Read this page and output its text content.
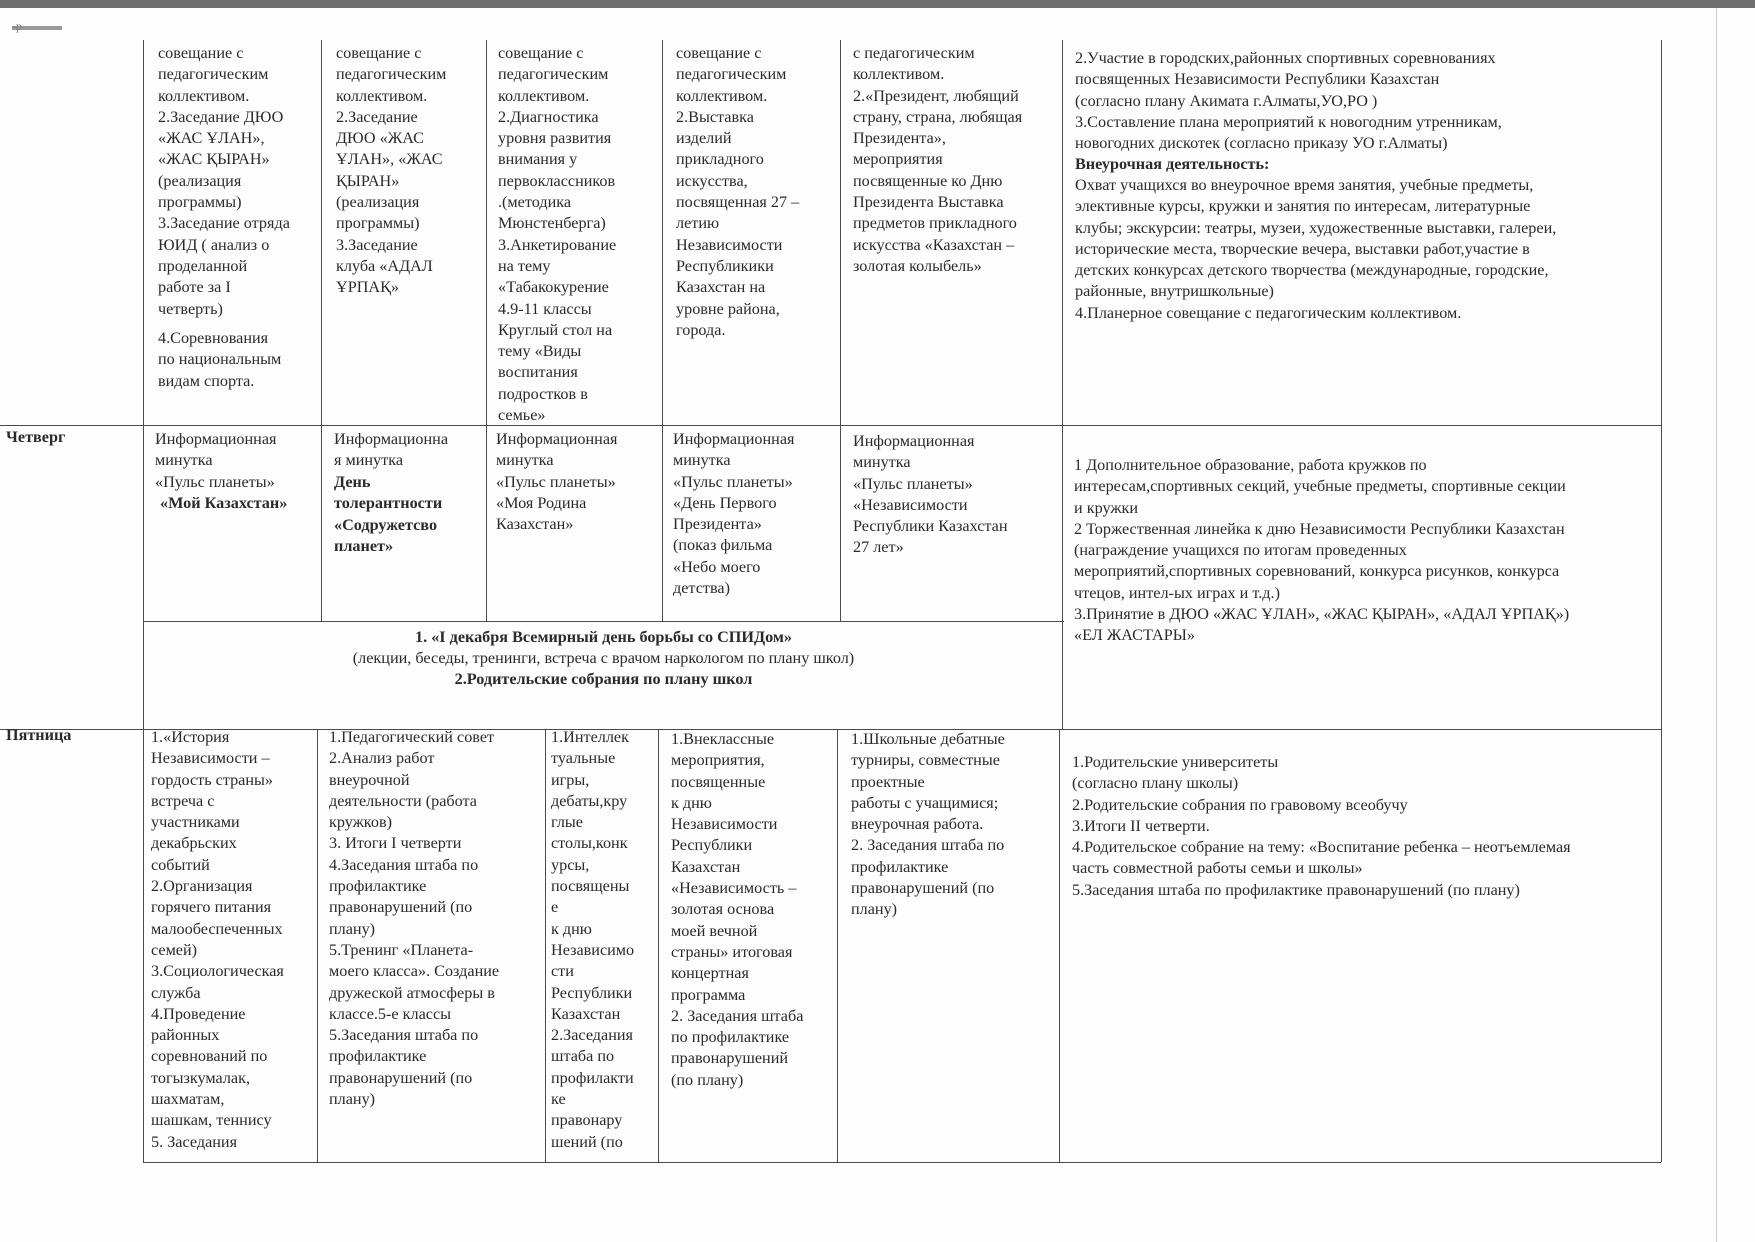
-р
совещание с
педагогическим
коллективом.
2.Заседание ДЮО
«ЖАС ҰЛАН»,
«ЖАС ҚЫРАН»
(реализация
программы)
3.Заседание отряда
ЮИД ( анализ о
проделанной
работе за I
четверть)
4.Соревнования
по национальным
видам спорта.
совещание с
педагогическим
коллективом.
2.Заседание
ДЮО «ЖАС
ҰЛАН», «ЖАС
ҚЫРАН»
(реализация
программы)
3.Заседание
клуба «АДАЛ
ҰРПАҚ»
совещание с
педагогическим
коллективом.
2.Диагностика
уровня развития
внимания у
первоклассников
.(методика
Мюнстенберга)
3.Анкетирование
на тему
«Табакокурение
4.9-11 классы
Круглый стол на
тему «Виды
воспитания
подростков в
семье»
совещание с
педагогическим
коллективом.
2.Выставка
изделий
прикладного
искусства,
посвященная 27 –
летию
Независимости
Республикики
Казахстан на
уровне района,
города.
с педагогическим
коллективом.
2.«Президент, любящий
страну, страна, любящая
Президента»,
мероприятия
посвященные ко Дню
Президента Выставка
предметов прикладного
искусства «Казахстан –
золотая колыбель»
2.Участие в городских,районных спортивных соревнованиях
посвященных Независимости Республики Казахстан
(согласно плану Акимата г.Алматы,УО,РО )
3.Составление плана мероприятий к новогодним утренникам,
новогодних дискотек (согласно приказу УО г.Алматы)
Внеурочная деятельность:
Охват учащихся во внеурочное время занятия, учебные предметы,
элективные курсы, кружки и занятия по интересам, литературные
клубы; экскурсии: театры, музеи, художественные выставки, галереи,
исторические места, творческие вечера, выставки работ,участие в
детских конкурсах детского творчества (международные, городские,
районные, внутришкольные)
4.Планерное совещание с педагогическим коллективом.
Четверг	Информационная
минутка
«Пульс планеты»
«Мой Казахстан»
Информационна
я минутка
День
толерантности
«Содружетсво
планет»
Информационная
минутка
«Пульс планеты»
«Моя Родина
Казахстан»
Информационная
минутка
«Пульс планеты»
«День Первого
Президента»
(показ фильма
«Небо моего
детства)
Информационная
минутка
«Пульс планеты»
«Независимости
Республики Казахстан
27 лет»
1 Дополнительное образование, работа кружков по
интересам,спортивных секций, учебные предметы, спортивные секции
и кружки
2 Торжественная линейка к дню Независимости Республики Казахстан
(награждение учащихся по итогам проведенных
мероприятий,спортивных соревнований, конкурса рисунков, конкурса
чтецов, интел-ых играх и т.д.)
3.Принятие в ДЮО «ЖАС ҰЛАН», «ЖАС ҚЫРАН», «АДАЛ ҰРПАҚ»)
«ЕЛ ЖАСТАРЫ»
1. «I декабря Всемирный день борьбы со СПИДом»
(лекции, беседы, тренинги, встреча с врачом наркологом по плану школ)
2.Родительские собрания по плану школ
Пятница	1.«История
Независимости –
гордость страны»
встреча с
участниками
декабрьских
событий
2.Организация
горячего питания
малообеспеченных
семей)
3.Социологическая
служба
4.Проведение
районных
соревнований по
тогызкумалак,
шахматам,
шашкам, теннису
5. Заседания
1.Педагогический совет
2.Анализ работ
внеурочной
деятельности (работа
кружков)
3. Итоги I четверти
4.Заседания штаба по
профилактике
правонарушений (по
плану)
5.Тренинг «Планета-
моего класса». Создание
дружеской атмосферы в
классе.5-е классы
5.Заседания штаба по
профилактике
правонарушений (по
плану)
1.Интеллек
туальные
игры,
дебаты,кру
глые
столы,конк
урсы,
посвящены
е
к дню
Независимо
сти
Республики
Казахстан
2.Заседания
штаба по
профилакти
ке
правонару
шений (по
1.Внеклассные
мероприятия,
посвященные
к дню
Независимости
Республики
Казахстан
«Независимость –
золотая основа
моей вечной
страны» итоговая
концертная
программа
2. Заседания штаба
по профилактике
правонарушений
(по плану)
1.Школьные дебатные
турниры, совместные
проектные
работы с учащимися;
внеурочная работа.
2. Заседания штаба по
профилактике
правонарушений (по
плану)
1.Родительские университеты
(согласно плану школы)
2.Родительские собрания по гравовому всеобучу
3.Итоги II четверти.
4.Родительское собрание на тему: «Воспитание ребенка – неотъемлемая
часть совместной работы семьи и школы»
5.Заседания штаба по профилактике правонарушений (по плану)
